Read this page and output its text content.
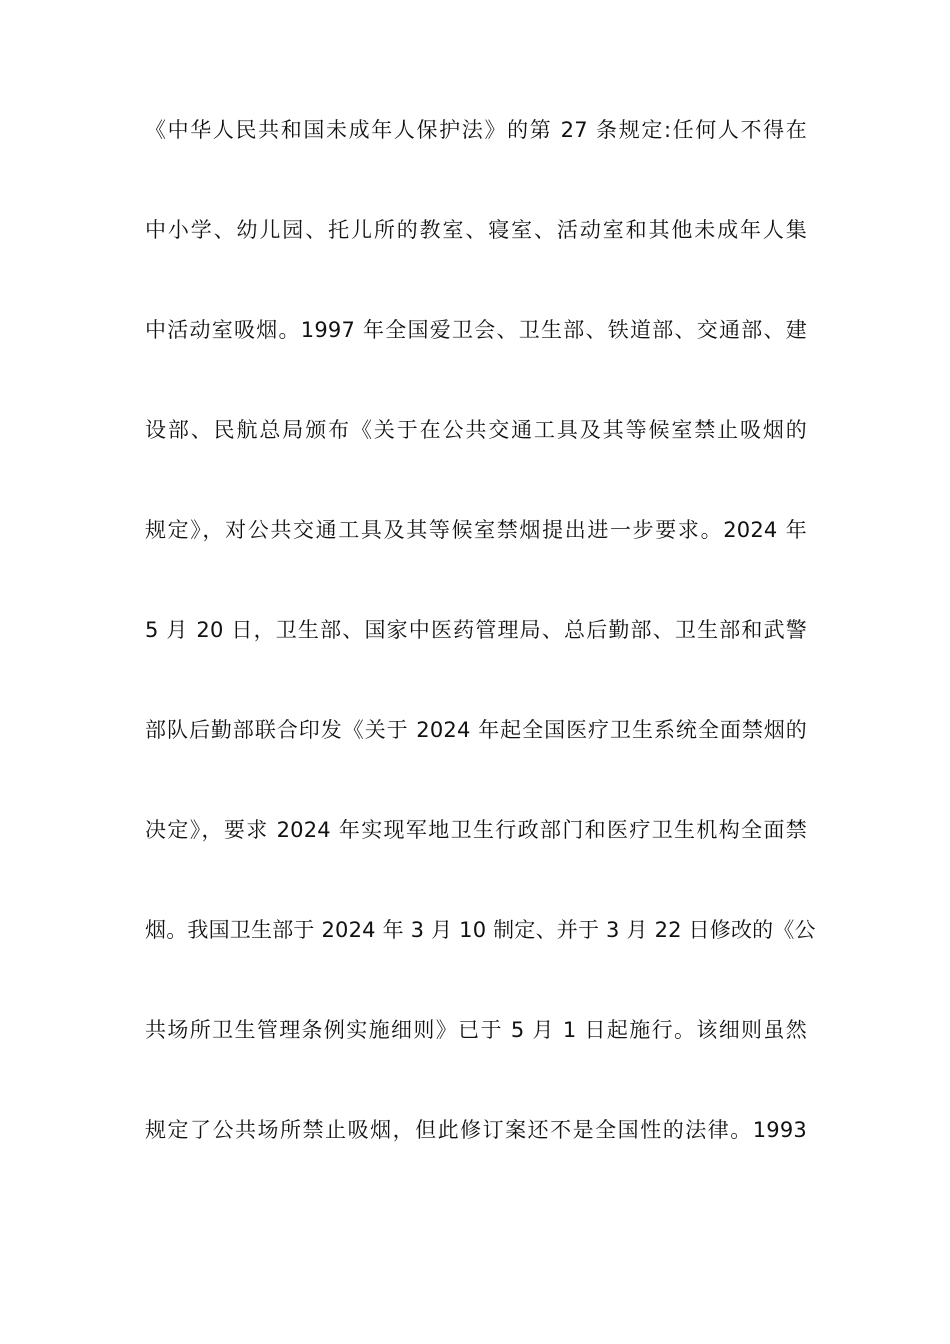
《中华人民共和国未成年人保护法》的第 27 条规定:任何人不得在
中小学、幼儿园、托儿所的教室、寝室、活动室和其他未成年人集
中活动室吸烟。1997 年全国爱卫会、卫生部、铁道部、交通部、建
设部、民航总局颁布《关于在公共交通工具及其等候室禁止吸烟的
规定》，对公共交通工具及其等候室禁烟提出进一步要求。2024 年
5 月 20 日，卫生部、国家中医药管理局、总后勤部、卫生部和武警
部队后勤部联合印发《关于 2024 年起全国医疗卫生系统全面禁烟的
决定》，要求 2024 年实现军地卫生行政部门和医疗卫生机构全面禁
烟。我国卫生部于 2024 年 3 月 10 制定、并于 3 月 22 日修改的《公
共场所卫生管理条例实施细则》已于 5 月 1 日起施行。该细则虽然
规定了公共场所禁止吸烟，但此修订案还不是全国性的法律。1993
